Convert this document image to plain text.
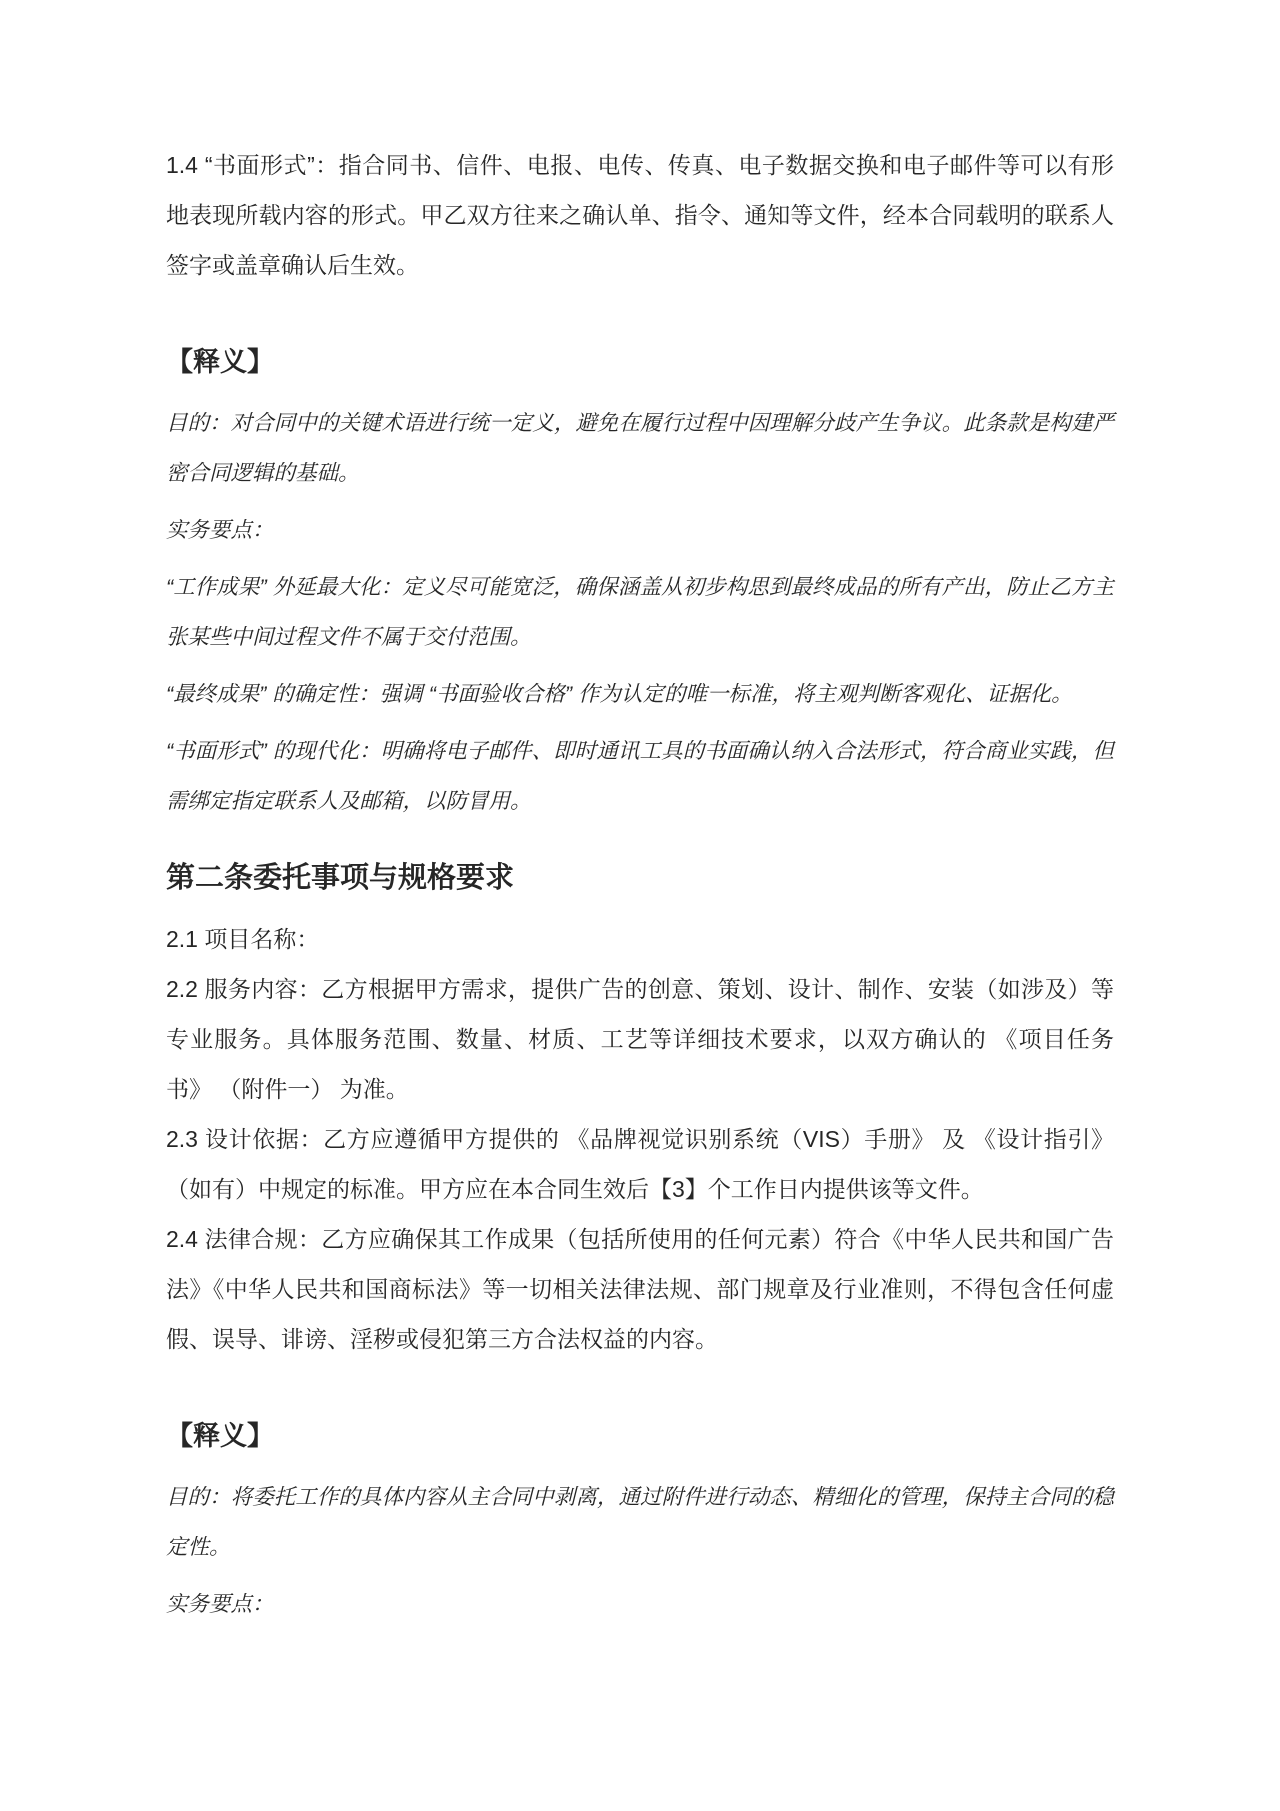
1.4 “书面形式”：指合同书、信件、电报、电传、传真、电子数据交换和电子邮件等可以有形地表现所载内容的形式。甲乙双方往来之确认单、指令、通知等文件，经本合同载明的联系人签字或盖章确认后生效。

【释义】

目的：对合同中的关键术语进行统一定义，避免在履行过程中因理解分歧产生争议。此条款是构建严密合同逻辑的基础。

实务要点：

“工作成果” 外延最大化：定义尽可能宽泛，确保涵盖从初步构思到最终成品的所有产出，防止乙方主张某些中间过程文件不属于交付范围。

“最终成果” 的确定性：强调 “书面验收合格” 作为认定的唯一标准，将主观判断客观化、证据化。

“书面形式” 的现代化：明确将电子邮件、即时通讯工具的书面确认纳入合法形式，符合商业实践，但需绑定指定联系人及邮箱，以防冒用。

第二条委托事项与规格要求

2.1 项目名称：

2.2 服务内容：乙方根据甲方需求，提供广告的创意、策划、设计、制作、安装（如涉及）等专业服务。具体服务范围、数量、材质、工艺等详细技术要求，以双方确认的 《项目任务书》 （附件一） 为准。

2.3 设计依据：乙方应遵循甲方提供的 《品牌视觉识别系统（VIS）手册》 及 《设计指引》 （如有）中规定的标准。甲方应在本合同生效后【3】个工作日内提供该等文件。

2.4 法律合规：乙方应确保其工作成果（包括所使用的任何元素）符合《中华人民共和国广告法》《中华人民共和国商标法》等一切相关法律法规、部门规章及行业准则，不得包含任何虚假、误导、诽谤、淫秽或侵犯第三方合法权益的内容。

【释义】

目的：将委托工作的具体内容从主合同中剥离，通过附件进行动态、精细化的管理，保持主合同的稳定性。

实务要点：
